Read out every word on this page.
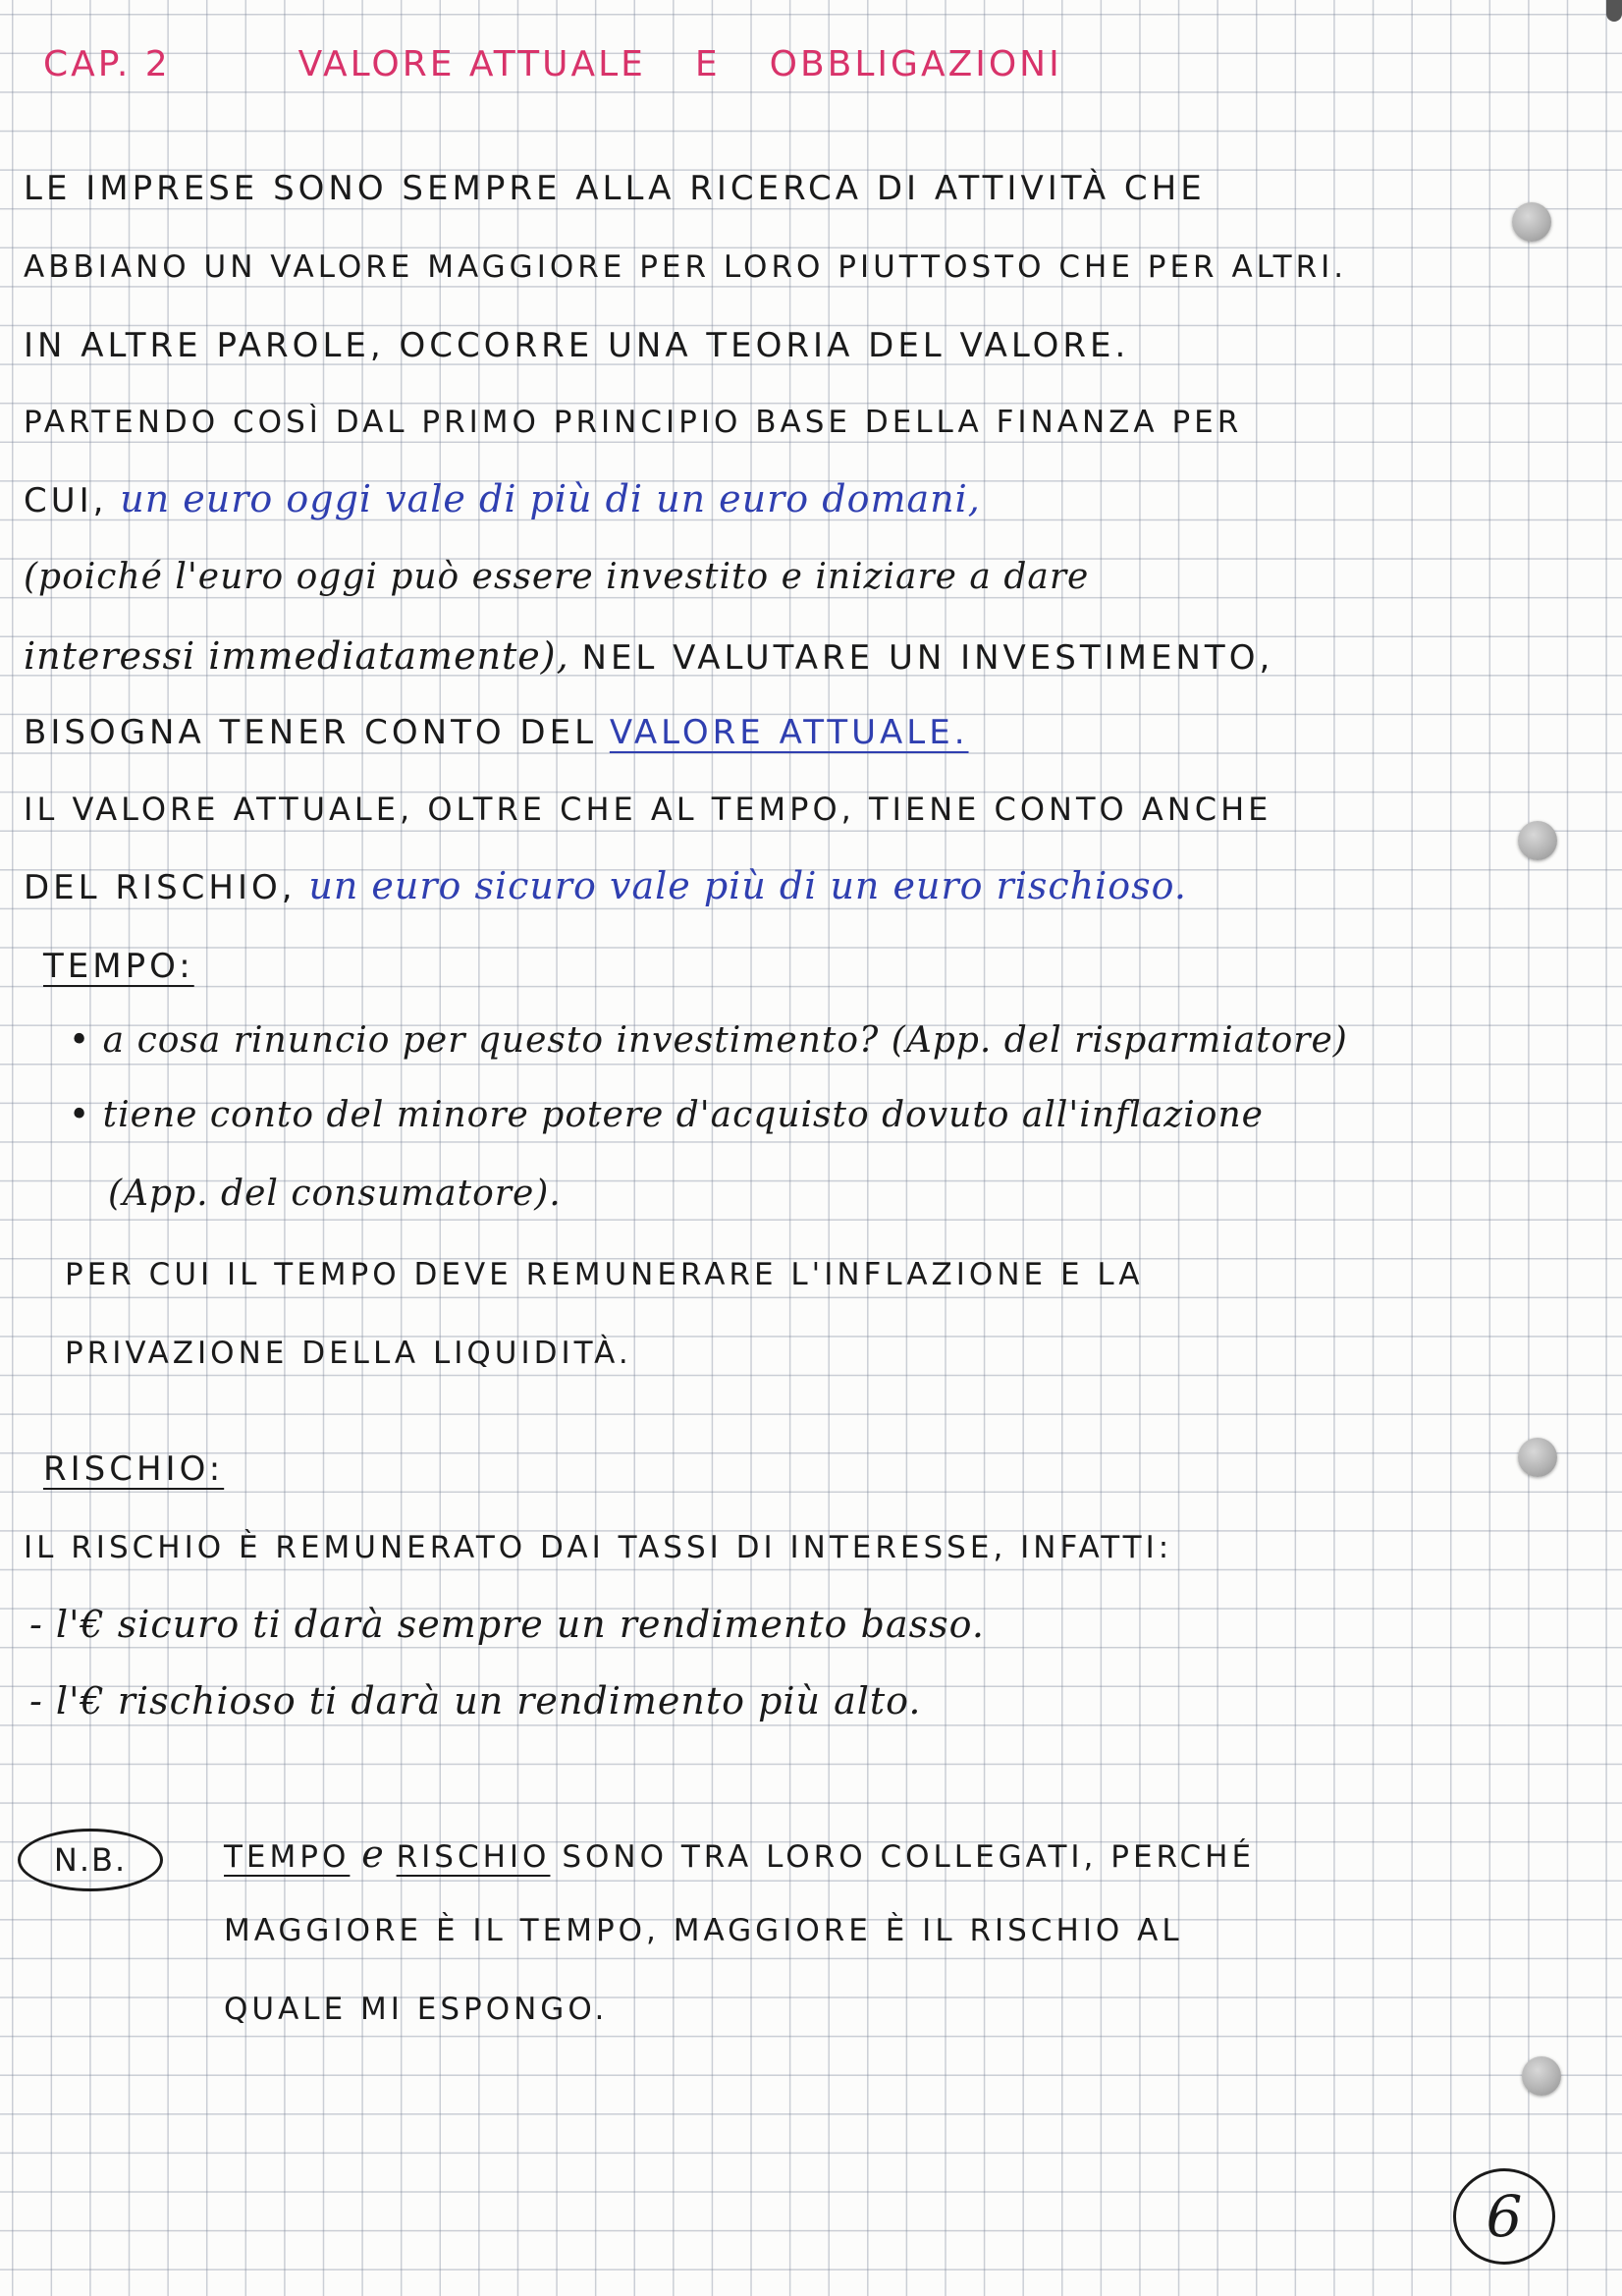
CAP. 2	VALORE ATTUALE E OBBLIGAZIONI
LE IMPRESE SONO SEMPRE ALLA RICERCA DI ATTIVITÀ CHE
ABBIANO UN VALORE MAGGIORE PER LORO PIUTTOSTO CHE PER ALTRI.
IN ALTRE PAROLE, OCCORRE UNA TEORIA DEL VALORE.
PARTENDO COSÌ DAL PRIMO PRINCIPIO BASE DELLA FINANZA PER
CUI, un euro oggi vale di più di un euro domani,
(poiché l'euro oggi può essere investito e iniziare a dare
interessi immediatamente), NEL VALUTARE UN INVESTIMENTO,
BISOGNA TENER CONTO DEL VALORE ATTUALE.
IL VALORE ATTUALE, OLTRE CHE AL TEMPO, TIENE CONTO ANCHE
DEL RISCHIO, un euro sicuro vale più di un euro rischioso.
TEMPO:
• a cosa rinuncio per questo investimento? (App. del risparmiatore)
• tiene conto del minore potere d'acquisto dovuto all'inflazione
(App. del consumatore).
PER CUI IL TEMPO DEVE REMUNERARE L'INFLAZIONE E LA
PRIVAZIONE DELLA LIQUIDITÀ.
RISCHIO:
IL RISCHIO È REMUNERATO DAI TASSI DI INTERESSE, INFATTI:
- l'€ sicuro ti darà sempre un rendimento basso.
- l'€ rischioso ti darà un rendimento più alto.
N.B.	TEMPO e RISCHIO SONO TRA LORO COLLEGATI, PERCHÉ
MAGGIORE È IL TEMPO, MAGGIORE È IL RISCHIO AL
QUALE MI ESPONGO.
6
